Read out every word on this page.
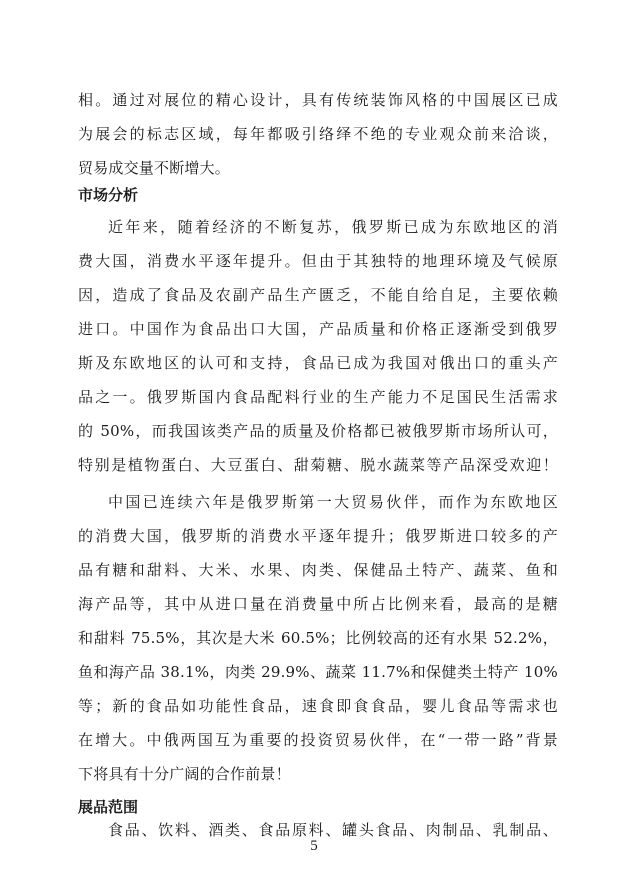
相。通过对展位的精心设计，具有传统装饰风格的中国展区已成
为展会的标志区域，每年都吸引络绎不绝的专业观众前来洽谈，
贸易成交量不断增大。
市场分析
近年来，随着经济的不断复苏，俄罗斯已成为东欧地区的消
费大国，消费水平逐年提升。但由于其独特的地理环境及气候原
因，造成了食品及农副产品生产匮乏，不能自给自足，主要依赖
进口。中国作为食品出口大国，产品质量和价格正逐渐受到俄罗
斯及东欧地区的认可和支持，食品已成为我国对俄出口的重头产
品之一。俄罗斯国内食品配料行业的生产能力不足国民生活需求
的 50%，而我国该类产品的质量及价格都已被俄罗斯市场所认可，
特别是植物蛋白、大豆蛋白、甜菊糖、脱水蔬菜等产品深受欢迎！
中国已连续六年是俄罗斯第一大贸易伙伴，而作为东欧地区
的消费大国，俄罗斯的消费水平逐年提升；俄罗斯进口较多的产
品有糖和甜料、大米、水果、肉类、保健品土特产、蔬菜、鱼和
海产品等，其中从进口量在消费量中所占比例来看，最高的是糖
和甜料 75.5%，其次是大米 60.5%；比例较高的还有水果 52.2%，
鱼和海产品 38.1%，肉类 29.9%、蔬菜 11.7%和保健类土特产 10%
等；新的食品如功能性食品，速食即食食品，婴儿食品等需求也
在增大。中俄两国互为重要的投资贸易伙伴，在“一带一路”背景
下将具有十分广阔的合作前景！
展品范围
食品、饮料、酒类、食品原料、罐头食品、肉制品、乳制品、
5
